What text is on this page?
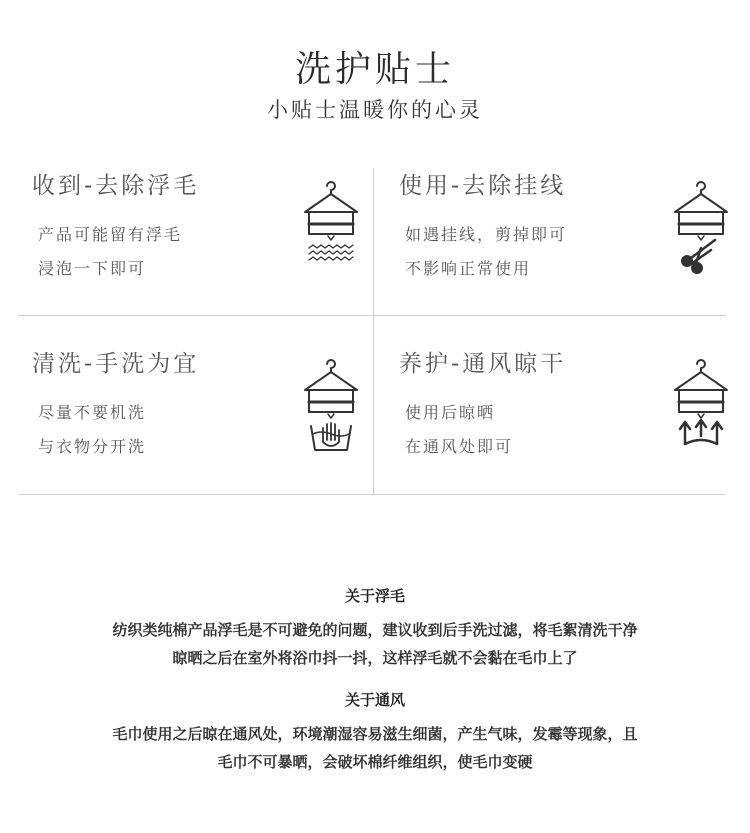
洗护贴士
小贴士温暖你的心灵
收到-去除浮毛
产品可能留有浮毛
浸泡一下即可
使用-去除挂线
如遇挂线，剪掉即可
不影响正常使用
清洗-手洗为宜
尽量不要机洗
与衣物分开洗
养护-通风晾干
使用后晾晒
在通风处即可
关于浮毛
纺织类纯棉产品浮毛是不可避免的问题，建议收到后手洗过滤，将毛絮清洗干净
晾晒之后在室外将浴巾抖一抖，这样浮毛就不会黏在毛巾上了
关于通风
毛巾使用之后晾在通风处，环境潮湿容易滋生细菌，产生气味，发霉等现象，且
毛巾不可暴晒，会破坏棉纤维组织，使毛巾变硬
